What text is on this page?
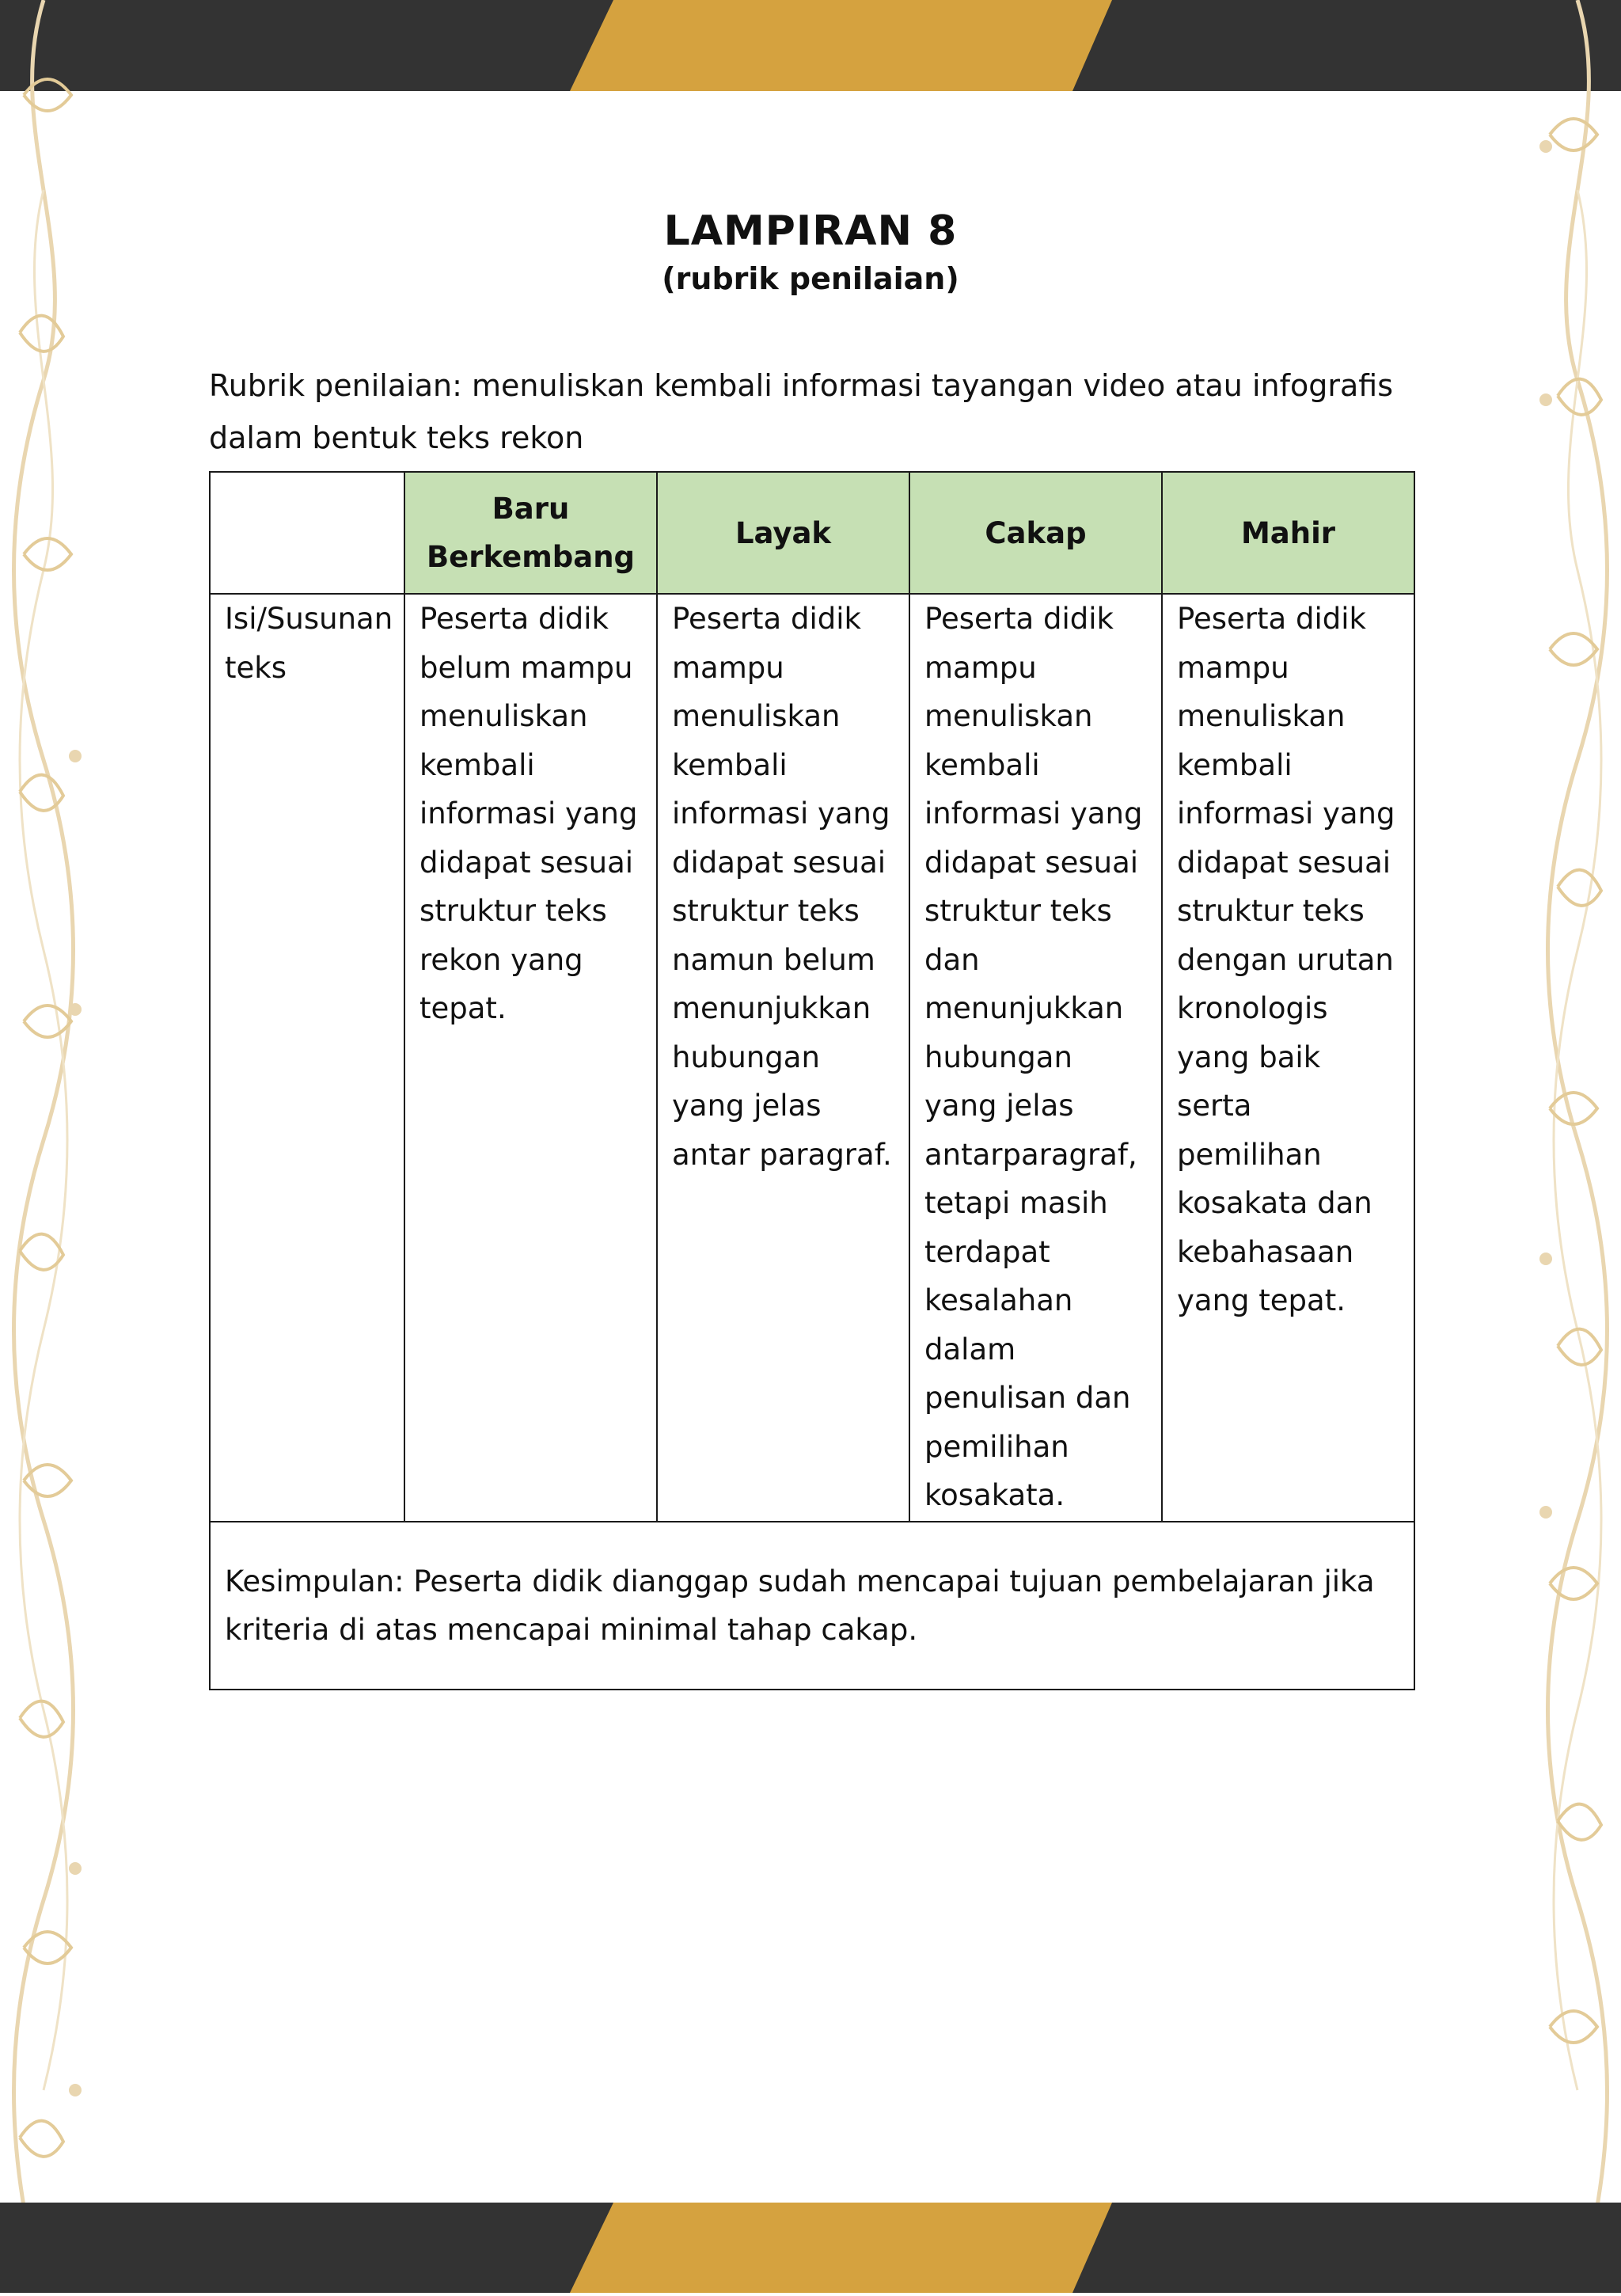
LAMPIRAN 8
(rubrik penilaian)
Rubrik penilaian: menuliskan kembali informasi tayangan video atau infografis
dalam bentuk teks rekon
	Baru Berkembang	Layak	Cakap	Mahir
Isi/Susunan teks	Peserta didik belum mampu menuliskan kembali informasi yang didapat sesuai struktur teks rekon yang tepat.	Peserta didik mampu menuliskan kembali informasi yang didapat sesuai struktur teks namun belum menunjukkan hubungan yang jelas antar paragraf.	Peserta didik mampu menuliskan kembali informasi yang didapat sesuai struktur teks dan menunjukkan hubungan yang jelas antarparagraf, tetapi masih terdapat kesalahan dalam penulisan dan pemilihan kosakata.	Peserta didik mampu menuliskan kembali informasi yang didapat sesuai struktur teks dengan urutan kronologis yang baik serta pemilihan kosakata dan kebahasaan yang tepat.
Kesimpulan: Peserta didik dianggap sudah mencapai tujuan pembelajaran jika kriteria di atas mencapai minimal tahap cakap.				
